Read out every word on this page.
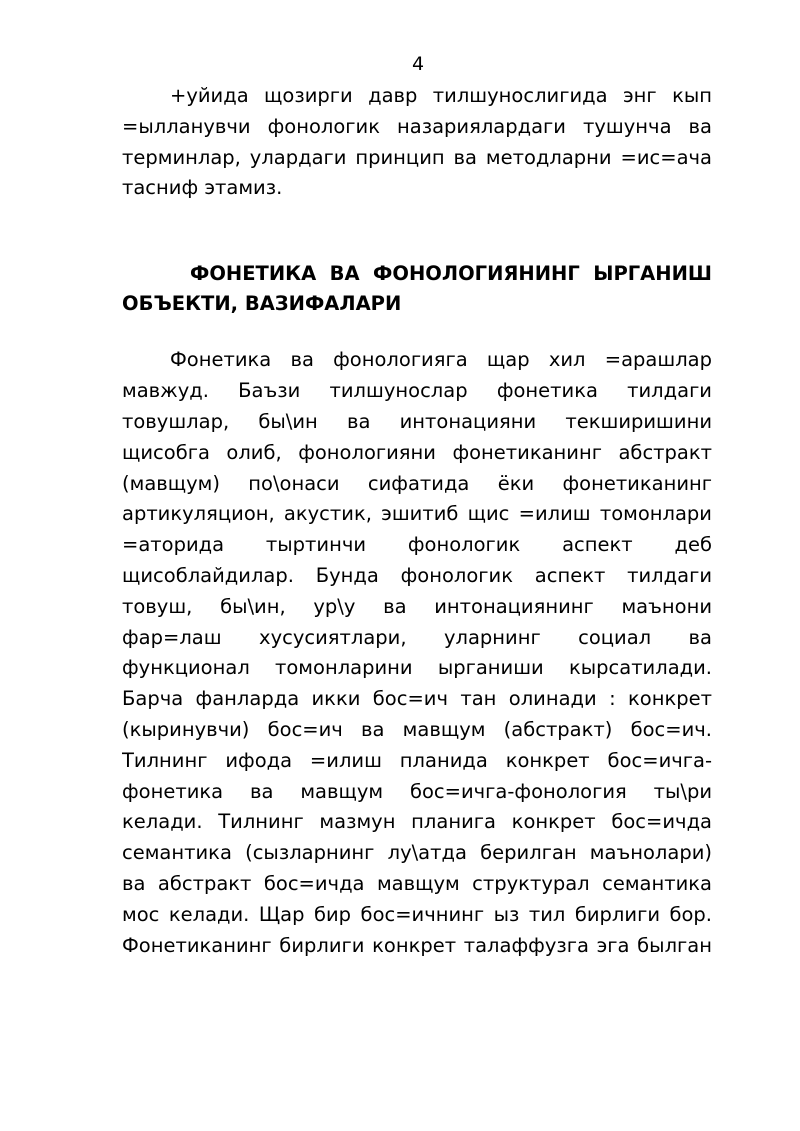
4
+уйида щозирги давр тилшунослигида энг кып
=ылланувчи фонологик назариялардаги тушунча ва
терминлар, улардаги принцип ва методларни =ис=ача
тасниф этамиз.
ФОНЕТИКА ВА ФОНОЛОГИЯНИНГ ЫРГАНИШ
ОБЪЕКТИ, ВАЗИФАЛАРИ
Фонетика ва фонологияга щар хил =арашлар
мавжуд. Баъзи тилшунослар фонетика тилдаги
товушлар, бы\ин ва интонацияни текширишини
щисобга олиб, фонологияни фонетиканинг абстракт
(мавщум) по\онаси сифатида ёки фонетиканинг
артикуляцион, акустик, эшитиб щис =илиш томонлари
=аторида тыртинчи фонологик аспект деб
щисоблайдилар. Бунда фонологик аспект тилдаги
товуш, бы\ин, ур\у ва интонациянинг маънони
фар=лаш хусусиятлари, уларнинг социал ва
функционал томонларини ырганиши кырсатилади.
Барча фанларда икки бос=ич тан олинади : конкрет
(кыринувчи) бос=ич ва мавщум (абстракт) бос=ич.
Тилнинг ифода =илиш планида конкрет бос=ичга-
фонетика ва мавщум бос=ичга-фонология ты\ри
келади. Тилнинг мазмун планига конкрет бос=ичда
семантика (сызларнинг лу\атда берилган маънолари)
ва абстракт бос=ичда мавщум структурал семантика
мос келади. Щар бир бос=ичнинг ыз тил бирлиги бор.
Фонетиканинг бирлиги конкрет талаффузга эга былган
